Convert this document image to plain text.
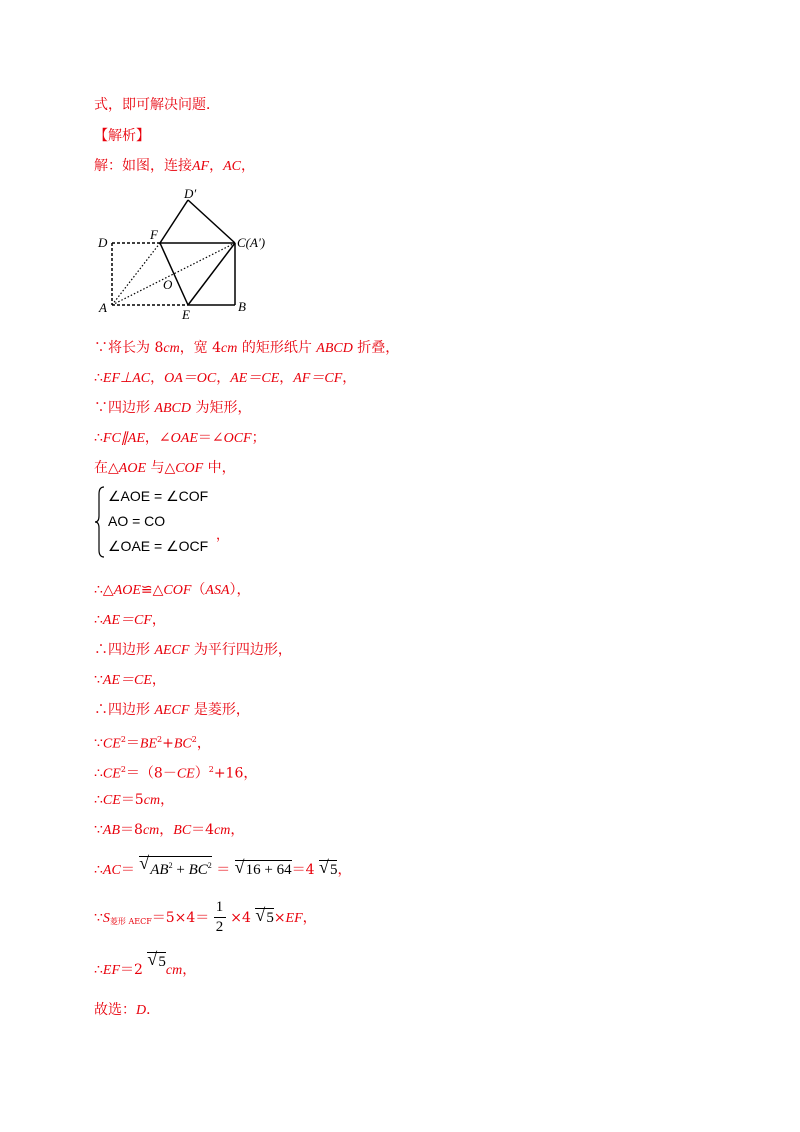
式，即可解决问题．
【解析】
解：如图，连接AF，AC，
D′
D
F
C(A′)
O
A	E
B
∵将长为 8cm，宽 4cm 的矩形纸片 ABCD 折叠，
∴EF⊥AC，OA＝OC，AE＝CE，AF＝CF，
∵四边形 ABCD 为矩形，
∴FC∥AE，∠OAE＝∠OCF；
在△AOE 与△COF 中，
∠AOE = ∠COF
AO = CO
∠OAE = ∠OCF
，
∴△AOE≌△COF（ASA），
∴AE＝CF，
∴四边形 AECF 为平行四边形，
∵AE＝CE，
∴四边形 AECF 是菱形，
$\because CE^2=BE^2+BC^2$，
$\therefore CE^2=(8-CE)^2+16$，
∴CE＝5cm，
∵AB＝8cm，BC＝4cm，
∴AC＝ √ $AB^2 + BC^2$ ＝ √ 16 + 64＝4 √ 5，
$\because S_{菱形 AECF}=5\times 4= \frac{1}{2} \times 4$ √ 5×EF，
∴EF＝2
√ 5cm，
故选：D．
